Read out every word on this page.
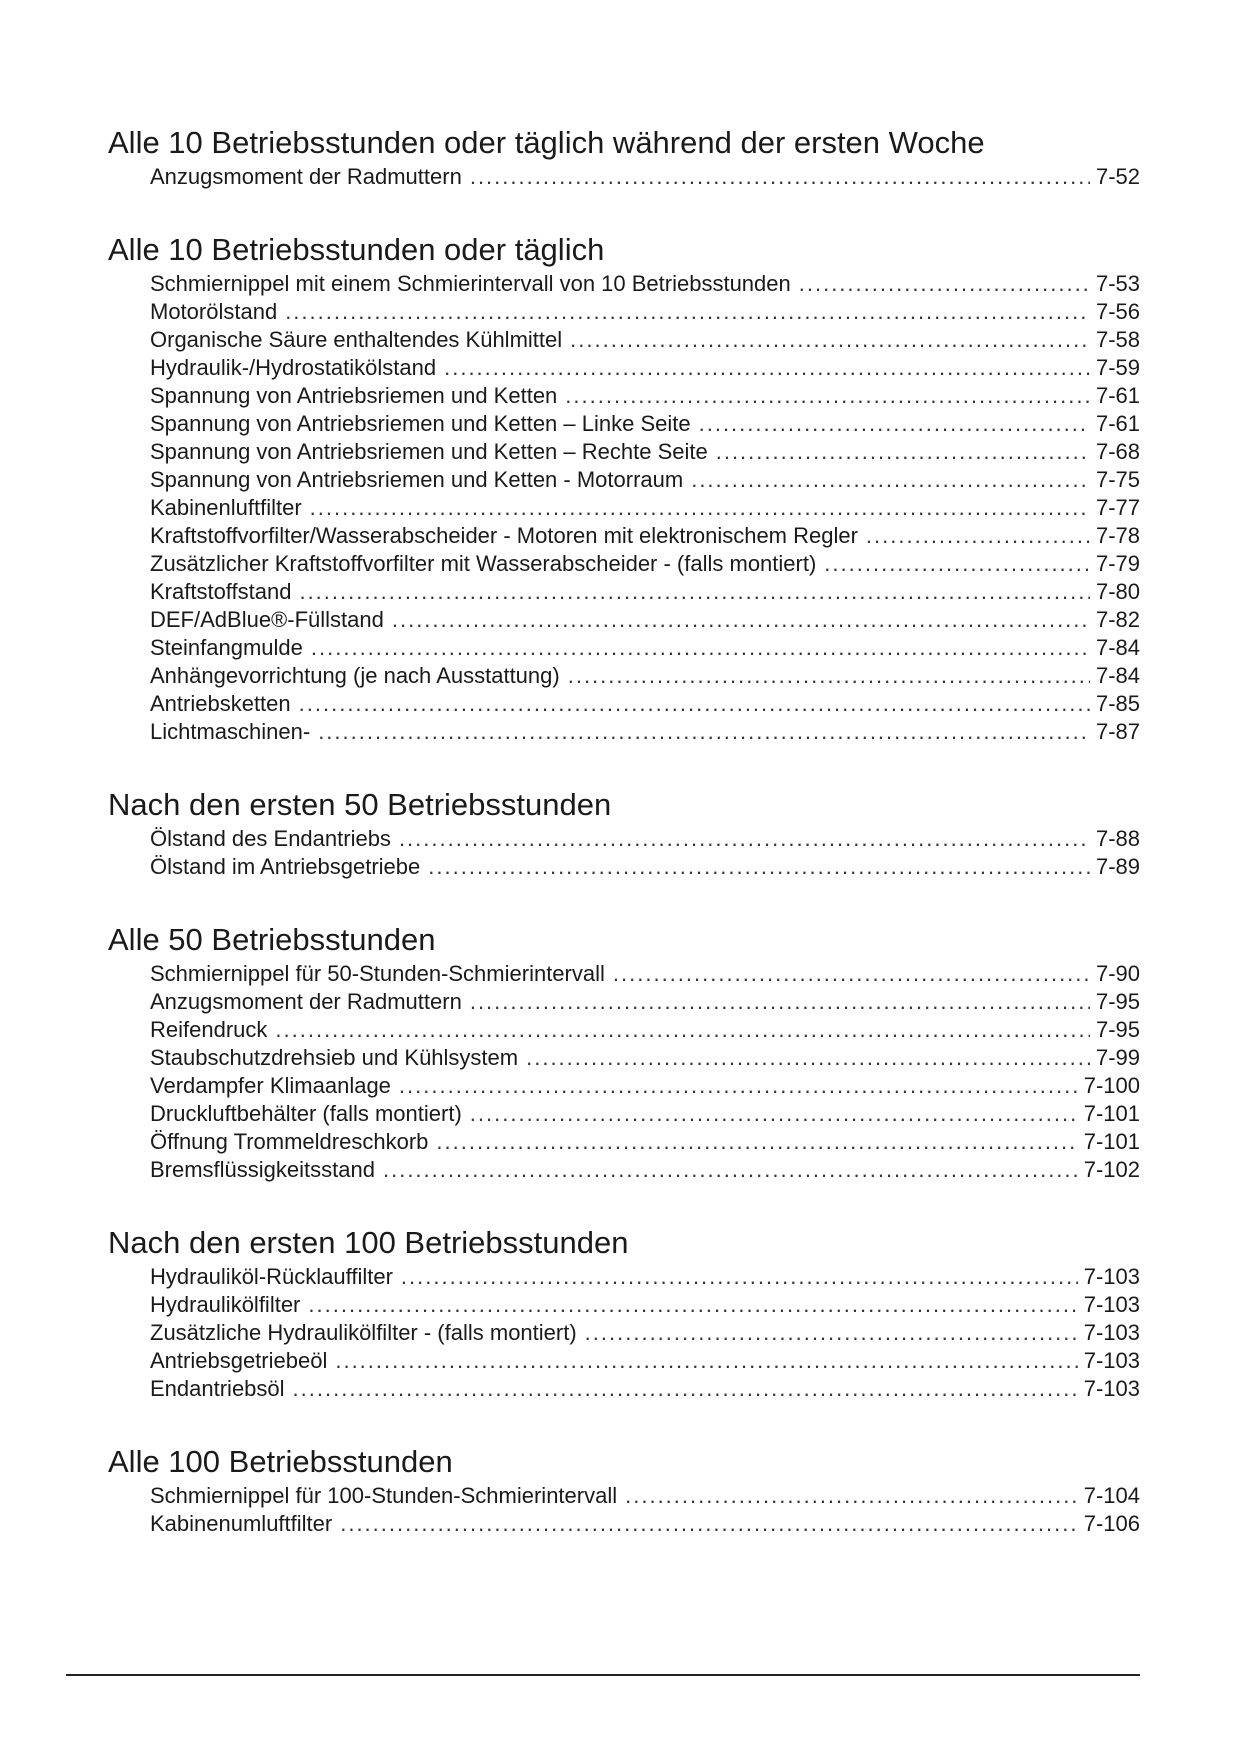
Alle 10 Betriebsstunden oder täglich während der ersten Woche
Anzugsmoment der Radmuttern .....	7-52
Alle 10 Betriebsstunden oder täglich
Schmiernippel mit einem Schmierintervall von 10 Betriebsstunden .....	7-53
Motorölstand .....	7-56
Organische Säure enthaltendes Kühlmittel .....	7-58
Hydraulik-/Hydrostatikölstand .....	7-59
Spannung von Antriebsriemen und Ketten .....	7-61
Spannung von Antriebsriemen und Ketten – Linke Seite .....	7-61
Spannung von Antriebsriemen und Ketten – Rechte Seite .....	7-68
Spannung von Antriebsriemen und Ketten - Motorraum .....	7-75
Kabinenluftfilter .....	7-77
Kraftstoffvorfilter/Wasserabscheider - Motoren mit elektronischem Regler .....	7-78
Zusätzlicher Kraftstoffvorfilter mit Wasserabscheider - (falls montiert) .....	7-79
Kraftstoffstand .....	7-80
DEF/AdBlue®-Füllstand .....	7-82
Steinfangmulde .....	7-84
Anhängevorrichtung (je nach Ausstattung) .....	7-84
Antriebsketten .....	7-85
Lichtmaschinen- .....	7-87
Nach den ersten 50 Betriebsstunden
Ölstand des Endantriebs .....	7-88
Ölstand im Antriebsgetriebe .....	7-89
Alle 50 Betriebsstunden
Schmiernippel für 50-Stunden-Schmierintervall .....	7-90
Anzugsmoment der Radmuttern .....	7-95
Reifendruck .....	7-95
Staubschutzdrehsieb und Kühlsystem .....	7-99
Verdampfer Klimaanlage .....	7-100
Druckluftbehälter (falls montiert) .....	7-101
Öffnung Trommeldreschkorb .....	7-101
Bremsflüssigkeitsstand .....	7-102
Nach den ersten 100 Betriebsstunden
Hydrauliköl-Rücklauffilter .....	7-103
Hydraulikölfilter .....	7-103
Zusätzliche Hydraulikölfilter - (falls montiert) .....	7-103
Antriebsgetriebeöl .....	7-103
Endantriebsöl .....	7-103
Alle 100 Betriebsstunden
Schmiernippel für 100-Stunden-Schmierintervall .....	7-104
Kabinenumluftfilter .....	7-106
